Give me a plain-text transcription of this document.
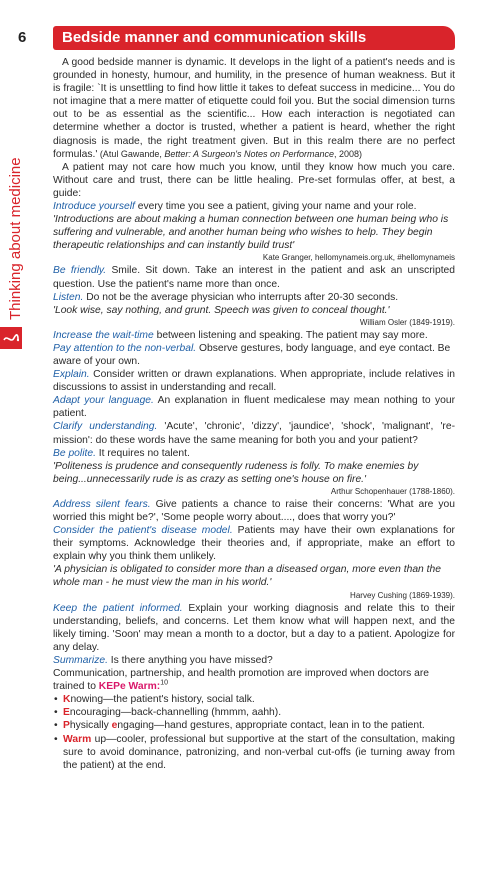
6 Bedside manner and communication skills
Thinking about medicine

A good bedside manner is dynamic. It develops in the light of a patient's needs and is grounded in honesty, humour, and humility, in the presence of human weakness. But it is fragile: `It is unsettling to find how little it takes to defeat success in medicine... You do not imagine that a mere matter of etiquette could foil you. But the social dimension turns out to be as essential as the scientific... How each interaction is negotiated can determine whether a doctor is trusted, whether a patient is heard, whether the right diagnosis is made, the right treatment given. But in this realm there are no perfect formulas.' (Atul Gawande, Better: A Surgeon's Notes on Performance, 2008)

A patient may not care how much you know, until they know how much you care. Without care and trust, there can be little healing. Pre-set formulas offer, at best, a guide:

Introduce yourself every time you see a patient, giving your name and your role.

'Introductions are about making a human connection between one human being who is suffering and vulnerable, and another human being who wishes to help. They begin therapeutic relationships and can instantly build trust'

Kate Granger, hellomynameis.org.uk, #hellomynameis

Be friendly. Smile. Sit down. Take an interest in the patient and ask an unscripted question. Use the patient's name more than once.

Listen. Do not be the average physician who interrupts after 20-30 seconds.

'Look wise, say nothing, and grunt. Speech was given to conceal thought.'

William Osler (1849-1919).

Increase the wait-time between listening and speaking. The patient may say more.

Pay attention to the non-verbal. Observe gestures, body language, and eye contact. Be aware of your own.

Explain. Consider written or drawn explanations. When appropriate, include relatives in discussions to assist in understanding and recall.

Adapt your language. An explanation in fluent medicalese may mean nothing to your patient.

Clarify understanding. 'Acute', 'chronic', 'dizzy', 'jaundice', 'shock', 'malignant', 're-mission': do these words have the same meaning for both you and your patient?

Be polite. It requires no talent.

'Politeness is prudence and consequently rudeness is folly. To make enemies by being...unnecessarily rude is as crazy as setting one's house on fire.'

Arthur Schopenhauer (1788-1860).

Address silent fears. Give patients a chance to raise their concerns: 'What are you worried this might be?', 'Some people worry about...., does that worry you?'

Consider the patient's disease model. Patients may have their own explanations for their symptoms. Acknowledge their theories and, if appropriate, make an effort to explain why you think them unlikely.

'A physician is obligated to consider more than a diseased organ, more even than the whole man - he must view the man in his world.'

Harvey Cushing (1869-1939).

Keep the patient informed. Explain your working diagnosis and relate this to their understanding, beliefs, and concerns. Let them know what will happen next, and the likely timing. 'Soon' may mean a month to a doctor, but a day to a patient. Apologize for any delay.

Summarize. Is there anything you have missed?

Communication, partnership, and health promotion are improved when doctors are trained to KEPe Warm:$^{10}$

• Knowing—the patient's history, social talk.
• Encouraging—back-channelling (hmmm, aahh).
• Physically engaging—hand gestures, appropriate contact, lean in to the patient.
• Warm up—cooler, professional but supportive at the start of the consultation, making sure to avoid dominance, patronizing, and non-verbal cut-offs (ie turning away from the patient) at the end.
